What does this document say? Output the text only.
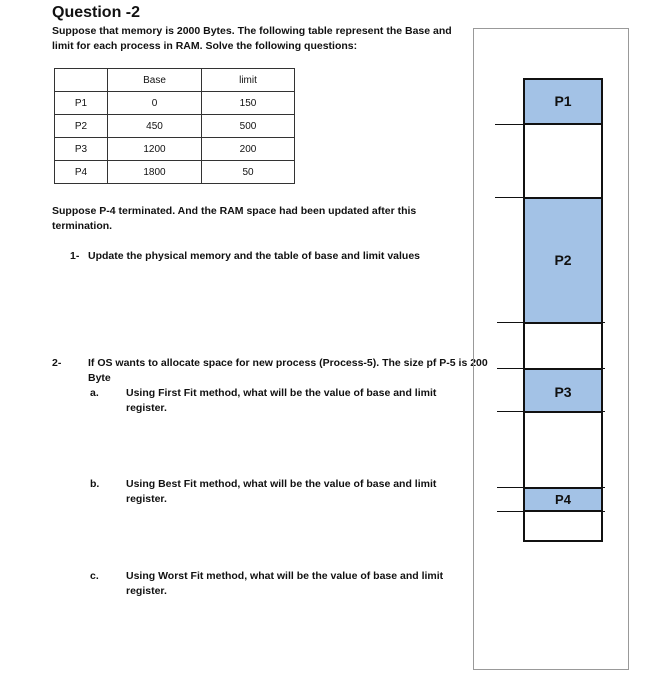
Question -2
Suppose that memory is 2000 Bytes. The following table represent the Base and limit for each process in RAM. Solve the following questions:
	Base	limit
P1	0	150
P2	450	500
P3	1200	200
P4	1800	50
Suppose P-4 terminated. And the RAM space had been updated after this termination.
1- Update the physical memory and the table of base and limit values
2-	If OS wants to allocate space for new process (Process-5). The size pf P-5 is 200 Byte
a.	Using First Fit method, what will be the value of base and limit register.
b.	Using Best Fit method, what will be the value of base and limit register.
c.	Using Worst Fit method, what will be the value of base and limit register.
P1
P2
P3
P4
